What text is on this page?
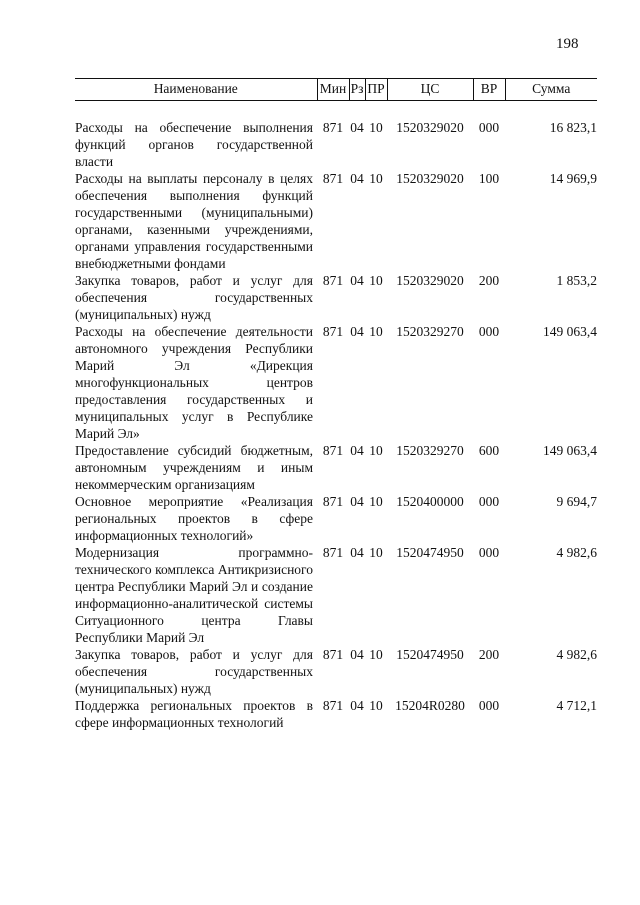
198
Наименование	Мин	Рз	ПР	ЦС	ВР	Сумма

Расходы на обеспечение выполнения функций органов государственной власти	871	04	10	1520329020	000	16 823,1
Расходы на выплаты персоналу в целях обеспечения выполнения функций государственными (муниципальными) органами, казенными учреждениями, органами управления государственными внебюджетными фондами	871	04	10	1520329020	100	14 969,9
Закупка товаров, работ и услуг для обеспечения государственных (муниципальных) нужд	871	04	10	1520329020	200	1 853,2
Расходы на обеспечение деятельности автономного учреждения Республики Марий Эл «Дирекция многофункциональных центров предоставления государственных и муниципальных услуг в Республике Марий Эл»	871	04	10	1520329270	000	149 063,4
Предоставление субсидий бюджетным, автономным учреждениям и иным некоммерческим организациям	871	04	10	1520329270	600	149 063,4
Основное мероприятие «Реализация региональных проектов в сфере информационных технологий»	871	04	10	1520400000	000	9 694,7
Модернизация программно-технического комплекса Антикризисного центра Республики Марий Эл и создание информационно-аналитической системы Ситуационного центра Главы Республики Марий Эл	871	04	10	1520474950	000	4 982,6
Закупка товаров, работ и услуг для обеспечения государственных (муниципальных) нужд	871	04	10	1520474950	200	4 982,6
Поддержка региональных проектов в сфере информационных технологий	871	04	10	15204R0280	000	4 712,1
